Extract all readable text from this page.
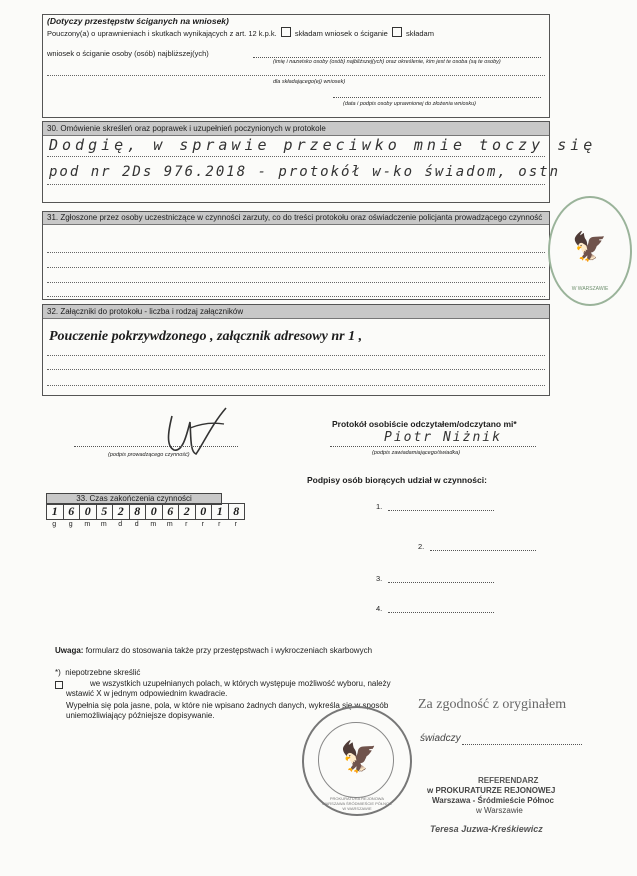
(Dotyczy przestępstw ściganych na wniosek)
Pouczony(a) o uprawnieniach i skutkach wynikających z art. 12 k.p.k. składam wniosek o ściganie składam
wniosek o ściganie osoby (osób) najbliższej(ych)
(imię i nazwisko osoby (osób) najbliższej(ych) oraz określenie, kim jest te osoba (są te osoby)
dla składającego(ej) wniosek)
(data i podpis osoby uprawnionej do złożenia wniosku)
30. Omówienie skreśleń oraz poprawek i uzupełnień poczynionych w protokole
Dodgię, w sprawie przeciwko mnie toczy się
pod nr 2Ds 976.2018 - protokół w-ko świadom, ostn
31. Zgłoszone przez osoby uczestniczące w czynności zarzuty, co do treści protokołu oraz oświadczenie policjanta prowadzącego czynność
32. Załączniki do protokołu - liczba i rodzaj załączników
Pouczenie pokrzywdzonego , załącznik adresowy nr 1 ,
(podpis prowadzącego czynność)
Protokół osobiście odczytałem/odczytano mi*
Piotr Niżnik
(podpis zawiadamiającego/świadka)
Podpisy osób biorących udział w czynności:
1.
2.
3.
4.
33. Czas zakończenia czynności
1 6 0 5 2 8 0 6 2 0 1 8
g	g	m	m	d	d	m	m	r	r	r	r
Uwaga: formularz do stosowania także przy przestępstwach i wykroczeniach skarbowych
*)  niepotrzebne skreślić
we wszystkich uzupełnianych polach, w których występuje możliwość wyboru, należy wstawić X w jednym odpowiednim kwadracie.
Wypełnia się pola jasne, pola, w które nie wpisano żadnych danych, wykreśla się w sposób uniemożliwiający późniejsze dopisywanie.
Za zgodność z oryginałem
świadczy
REFERENDARZ
w PROKURATURZE REJONOWEJ
Warszawa - Śródmieście Północ
w Warszawie
Teresa Juzwa-Kreśkiewicz
🦅
PROKURATURA REJONOWA WARSZAWA ŚRÓDMIEŚCIE PÓŁNOC W WARSZAWIE
🦅
W WARSZAWIE
